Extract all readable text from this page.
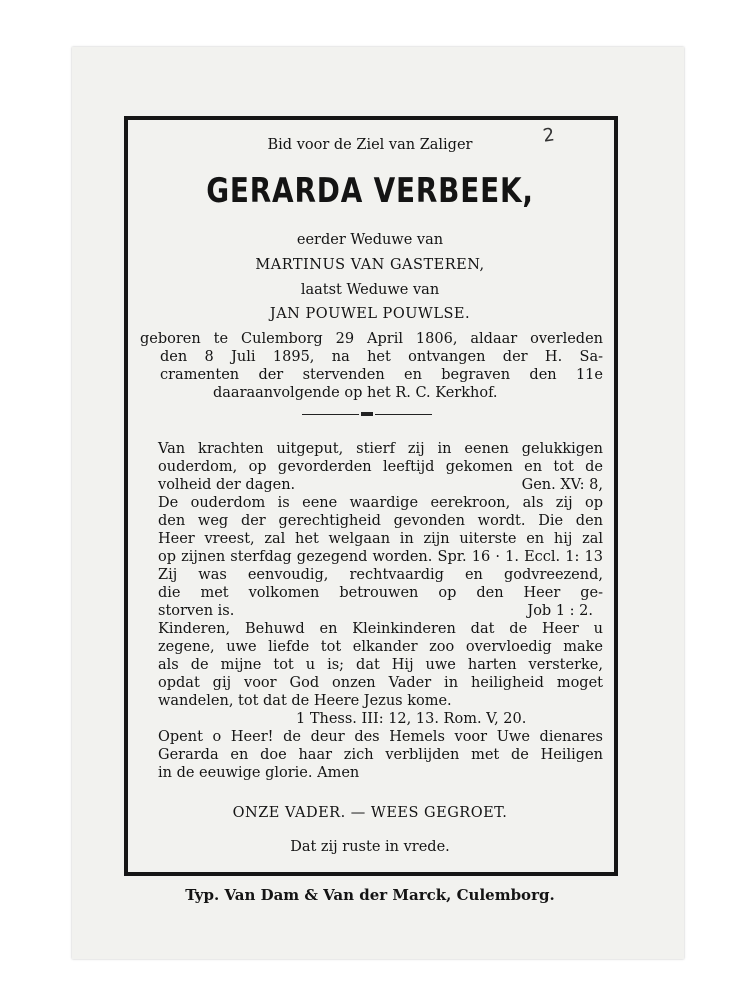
2
Bid voor de Ziel van Zaliger
GERARDA VERBEEK,
eerder Weduwe van
MARTINUS VAN GASTEREN,
laatst Weduwe van
JAN POUWEL POUWLSE.
geboren te Culemborg 29 April 1806, aldaar overleden
den 8 Juli 1895, na het ontvangen der H. Sa-
cramenten der stervenden en begraven den 11e
daaraanvolgende op het R. C. Kerkhof.
Van krachten uitgeput, stierf zij in eenen gelukkigen
ouderdom, op gevorderden leeftijd gekomen en tot de
volheid der dagen.	Gen. XV: 8,
De ouderdom is eene waardige eerekroon, als zij op
den weg der gerechtigheid gevonden wordt. Die den
Heer vreest, zal het welgaan in zijn uiterste en hij zal
op zijnen sterfdag gezegend worden. Spr. 16 · 1. Eccl. 1: 13
Zij was eenvoudig, rechtvaardig en godvreezend,
die met volkomen betrouwen op den Heer ge-
storven is.	Job 1 : 2.
Kinderen, Behuwd en Kleinkinderen dat de Heer u
zegene, uwe liefde tot elkander zoo overvloedig make
als de mijne tot u is; dat Hij uwe harten versterke,
opdat gij voor God onzen Vader in heiligheid moget
wandelen, tot dat de Heere Jezus kome.
1 Thess. III: 12, 13. Rom. V, 20.
Opent o Heer! de deur des Hemels voor Uwe dienares
Gerarda en doe haar zich verblijden met de Heiligen
in de eeuwige glorie. Amen
ONZE VADER. — WEES GEGROET.
Dat zij ruste in vrede.
Typ. Van Dam & Van der Marck, Culemborg.
